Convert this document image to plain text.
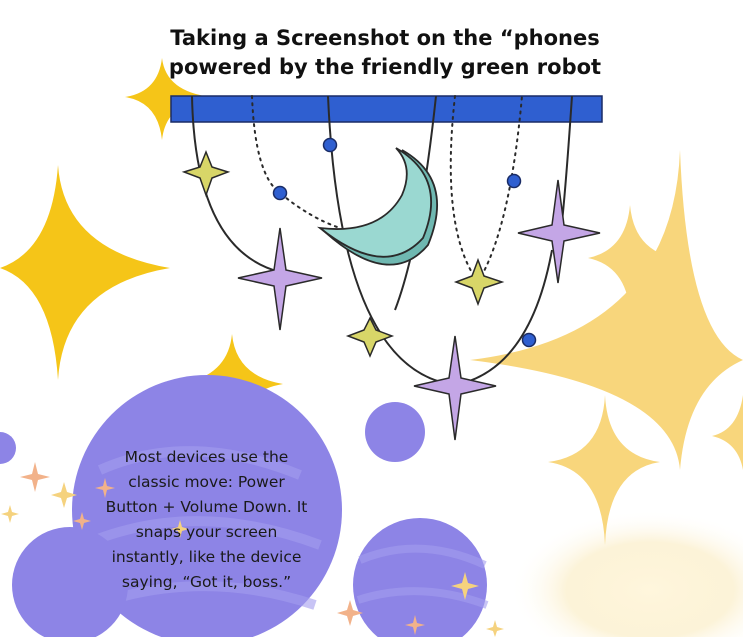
Taking a Screenshot on the “phones
powered by the friendly green robot
Most devices use the
classic move: Power
Button + Volume Down. It
snaps your screen
instantly, like the device
saying, “Got it, boss.”
